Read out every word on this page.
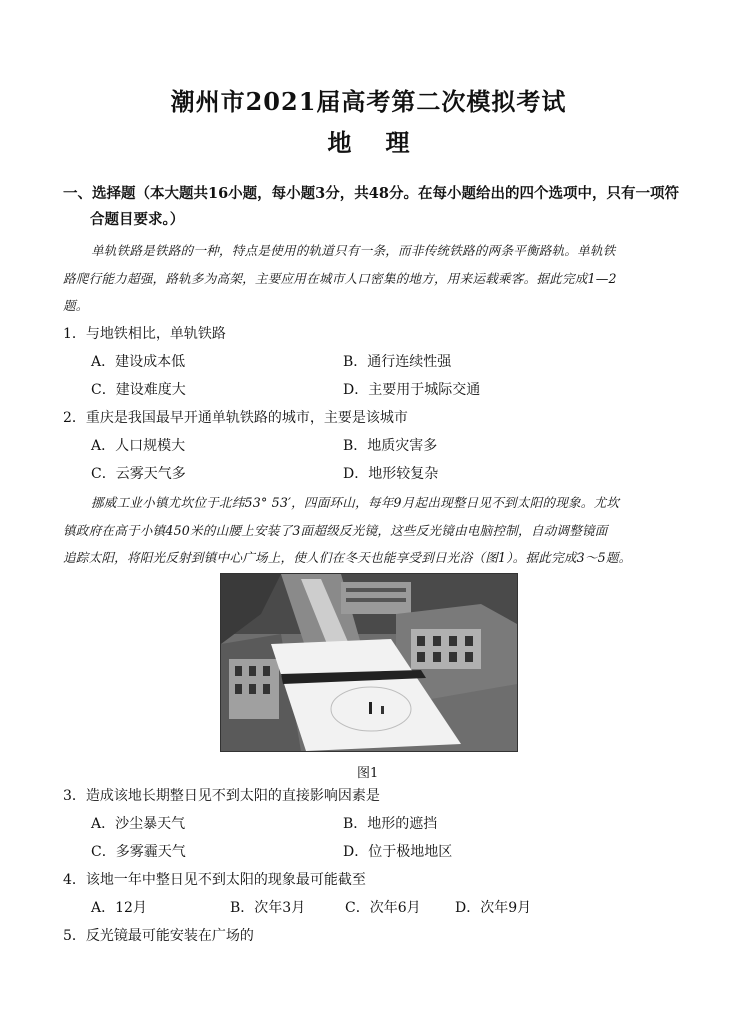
潮州市2021届高考第二次模拟考试
地 理
一、选择题（本大题共16小题，每小题3分，共48分。在每小题给出的四个选项中，只有一项符
合题目要求。）
单轨铁路是铁路的一种，特点是使用的轨道只有一条，而非传统铁路的两条平衡路轨。单轨铁
路爬行能力超强，路轨多为高架，主要应用在城市人口密集的地方，用来运载乘客。据此完成1—2
题。
1．与地铁相比，单轨铁路
A．建设成本低	B．通行连续性强
C．建设难度大	D．主要用于城际交通
2．重庆是我国最早开通单轨铁路的城市，主要是该城市
A．人口规模大	B．地质灾害多
C．云雾天气多	D．地形较复杂
挪威工业小镇尤坎位于北纬53° 53′，四面环山，每年9月起出现整日见不到太阳的现象。尤坎
镇政府在高于小镇450米的山腰上安装了3面超级反光镜，这些反光镜由电脑控制，自动调整镜面
追踪太阳，将阳光反射到镇中心广场上，使人们在冬天也能享受到日光浴（图1）。据此完成3～5题。
图1
3．造成该地长期整日见不到太阳的直接影响因素是
A．沙尘暴天气	B．地形的遮挡
C．多雾霾天气	D．位于极地地区
4．该地一年中整日见不到太阳的现象最可能截至
A．12月	B．次年3月	C．次年6月 D．次年9月
5．反光镜最可能安装在广场的
